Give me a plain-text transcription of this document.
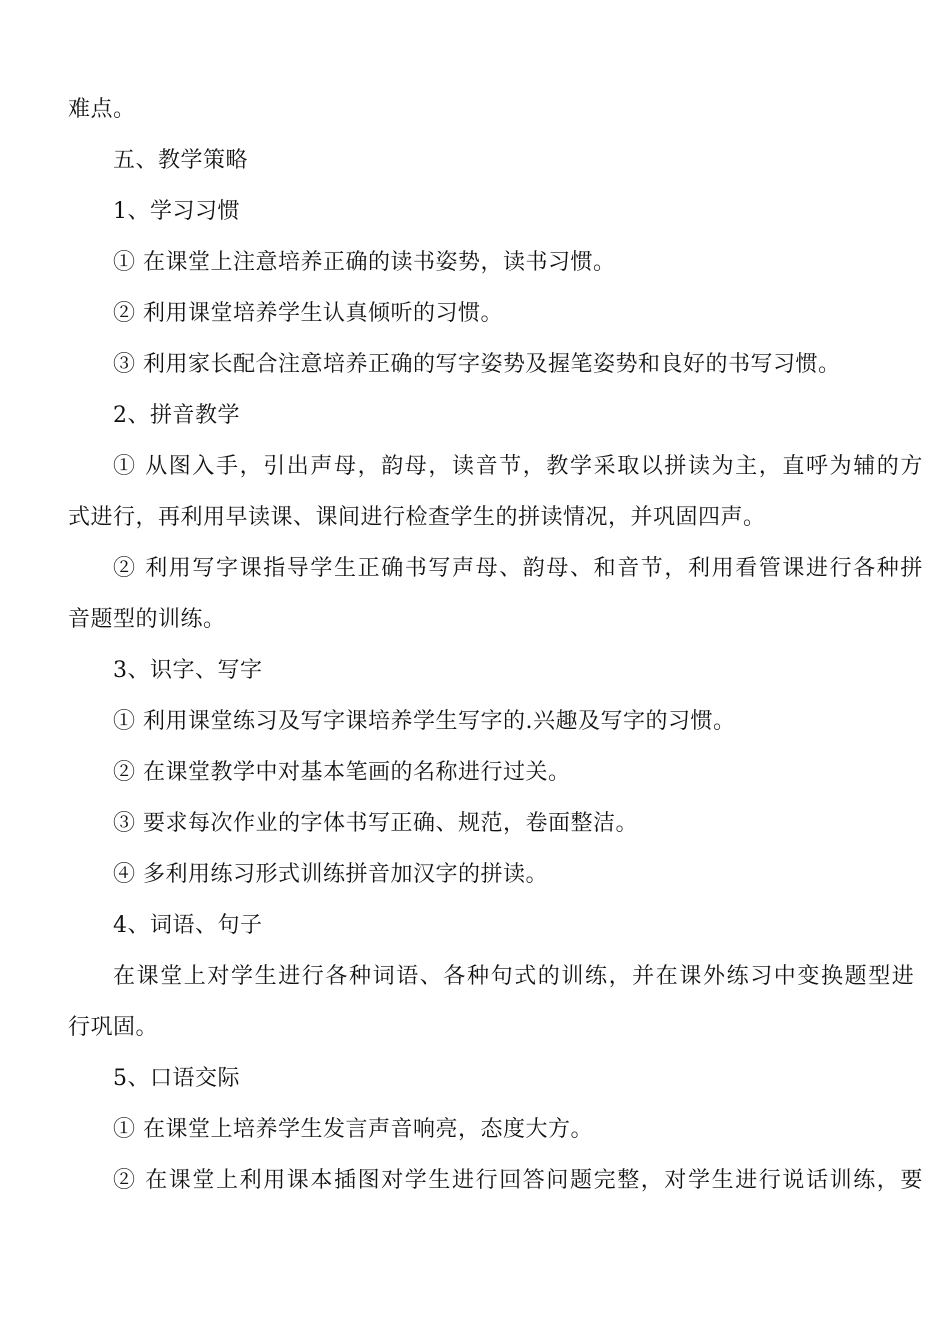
难点。
五、教学策略
1、学习习惯
① 在课堂上注意培养正确的读书姿势，读书习惯。
② 利用课堂培养学生认真倾听的习惯。
③ 利用家长配合注意培养正确的写字姿势及握笔姿势和良好的书写习惯。
2、拼音教学
① 从图入手，引出声母，韵母，读音节，教学采取以拼读为主，直呼为辅的方
式进行，再利用早读课、课间进行检查学生的拼读情况，并巩固四声。
② 利用写字课指导学生正确书写声母、韵母、和音节，利用看管课进行各种拼
音题型的训练。
3、识字、写字
① 利用课堂练习及写字课培养学生写字的.兴趣及写字的习惯。
② 在课堂教学中对基本笔画的名称进行过关。
③ 要求每次作业的字体书写正确、规范，卷面整洁。
④ 多利用练习形式训练拼音加汉字的拼读。
4、词语、句子
在课堂上对学生进行各种词语、各种句式的训练，并在课外练习中变换题型进
行巩固。
5、口语交际
① 在课堂上培养学生发言声音响亮，态度大方。
② 在课堂上利用课本插图对学生进行回答问题完整，对学生进行说话训练，要
